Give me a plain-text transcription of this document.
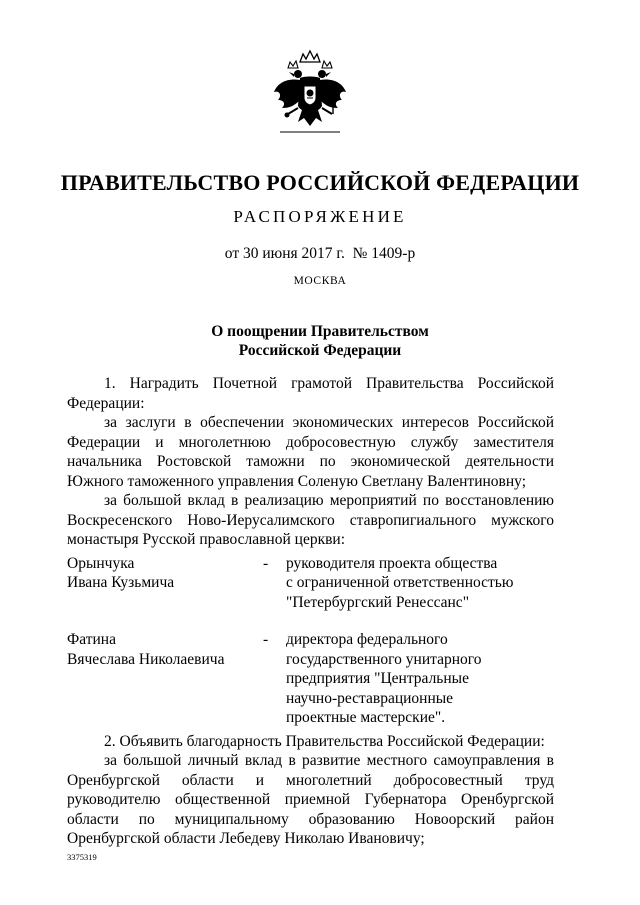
ПРАВИТЕЛЬСТВО РОССИЙСКОЙ ФЕДЕРАЦИИ
РАСПОРЯЖЕНИЕ
от 30 июня 2017 г.  № 1409-р
МОСКВА
О поощрении Правительством
Российской Федерации

1. Наградить Почетной грамотой Правительства Российской Федерации:

за заслуги в обеспечении экономических интересов Российской Федерации и многолетнюю добросовестную службу заместителя начальника Ростовской таможни по экономической деятельности Южного таможенного управления Соленую Светлану Валентиновну;

за большой вклад в реализацию мероприятий по восстановлению Воскресенского Ново-Иерусалимского ставропигиального мужского монастыря Русской православной церкви:

Орынчука
Ивана Кузьмича
-	руководителя проекта общества
с ограниченной ответственностью
"Петербургский Ренессанс"
Фатина
Вячеслава Николаевича
-	директора федерального
государственного унитарного
предприятия "Центральные
научно-реставрационные
проектные мастерские".

2. Объявить благодарность Правительства Российской Федерации:

за большой личный вклад в развитие местного самоуправления в Оренбургской области и многолетний добросовестный труд руководителю общественной приемной Губернатора Оренбургской области по муниципальному образованию Новоорский район Оренбургской области Лебедеву Николаю Ивановичу;

3375319
